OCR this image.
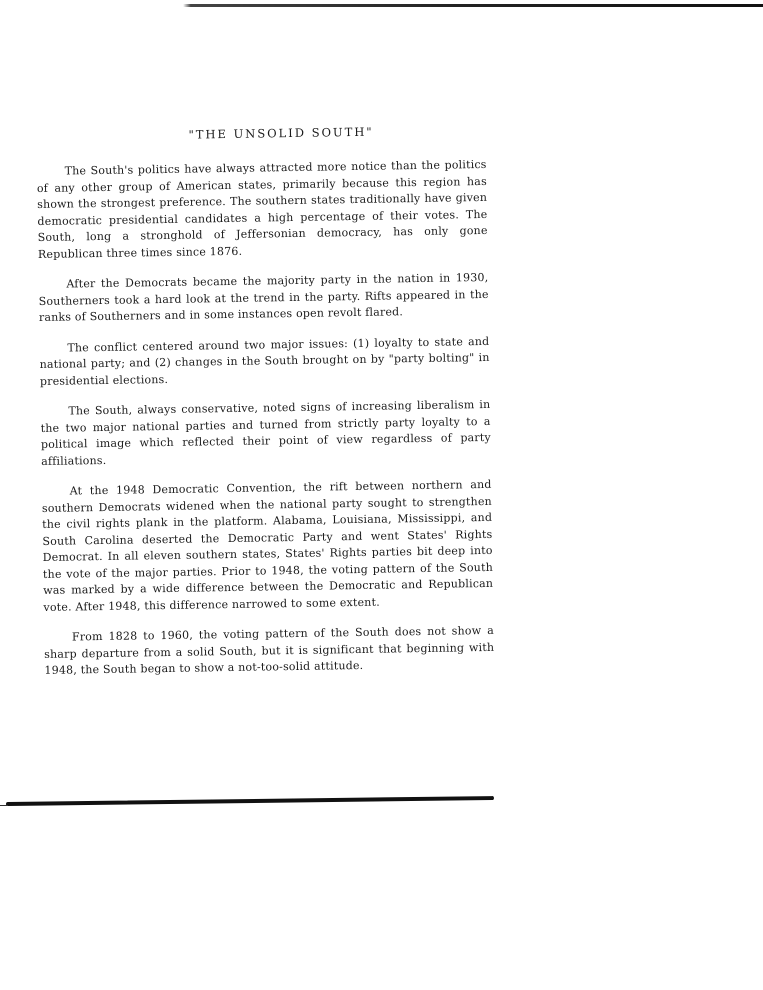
"THE UNSOLID SOUTH"

The South's politics have always attracted more notice than the politics of any other group of American states, primarily because this region has shown the strongest preference. The southern states traditionally have given democratic presidential candidates a high percentage of their votes. The South, long a stronghold of Jeffersonian democracy, has only gone Republican three times since 1876.

After the Democrats became the majority party in the nation in 1930, Southerners took a hard look at the trend in the party. Rifts appeared in the ranks of Southerners and in some instances open revolt flared.

The conflict centered around two major issues: (1) loyalty to state and national party; and (2) changes in the South brought on by "party bolting" in presidential elections.

The South, always conservative, noted signs of increasing liberalism in the two major national parties and turned from strictly party loyalty to a political image which reflected their point of view regardless of party affiliations.

At the 1948 Democratic Convention, the rift between northern and southern Democrats widened when the national party sought to strengthen the civil rights plank in the platform. Alabama, Louisiana, Mississippi, and South Carolina deserted the Democratic Party and went States' Rights Democrat. In all eleven southern states, States' Rights parties bit deep into the vote of the major parties. Prior to 1948, the voting pattern of the South was marked by a wide difference between the Democratic and Republican vote. After 1948, this difference narrowed to some extent.

From 1828 to 1960, the voting pattern of the South does not show a sharp departure from a solid South, but it is significant that beginning with 1948, the South began to show a not-too-solid attitude.
